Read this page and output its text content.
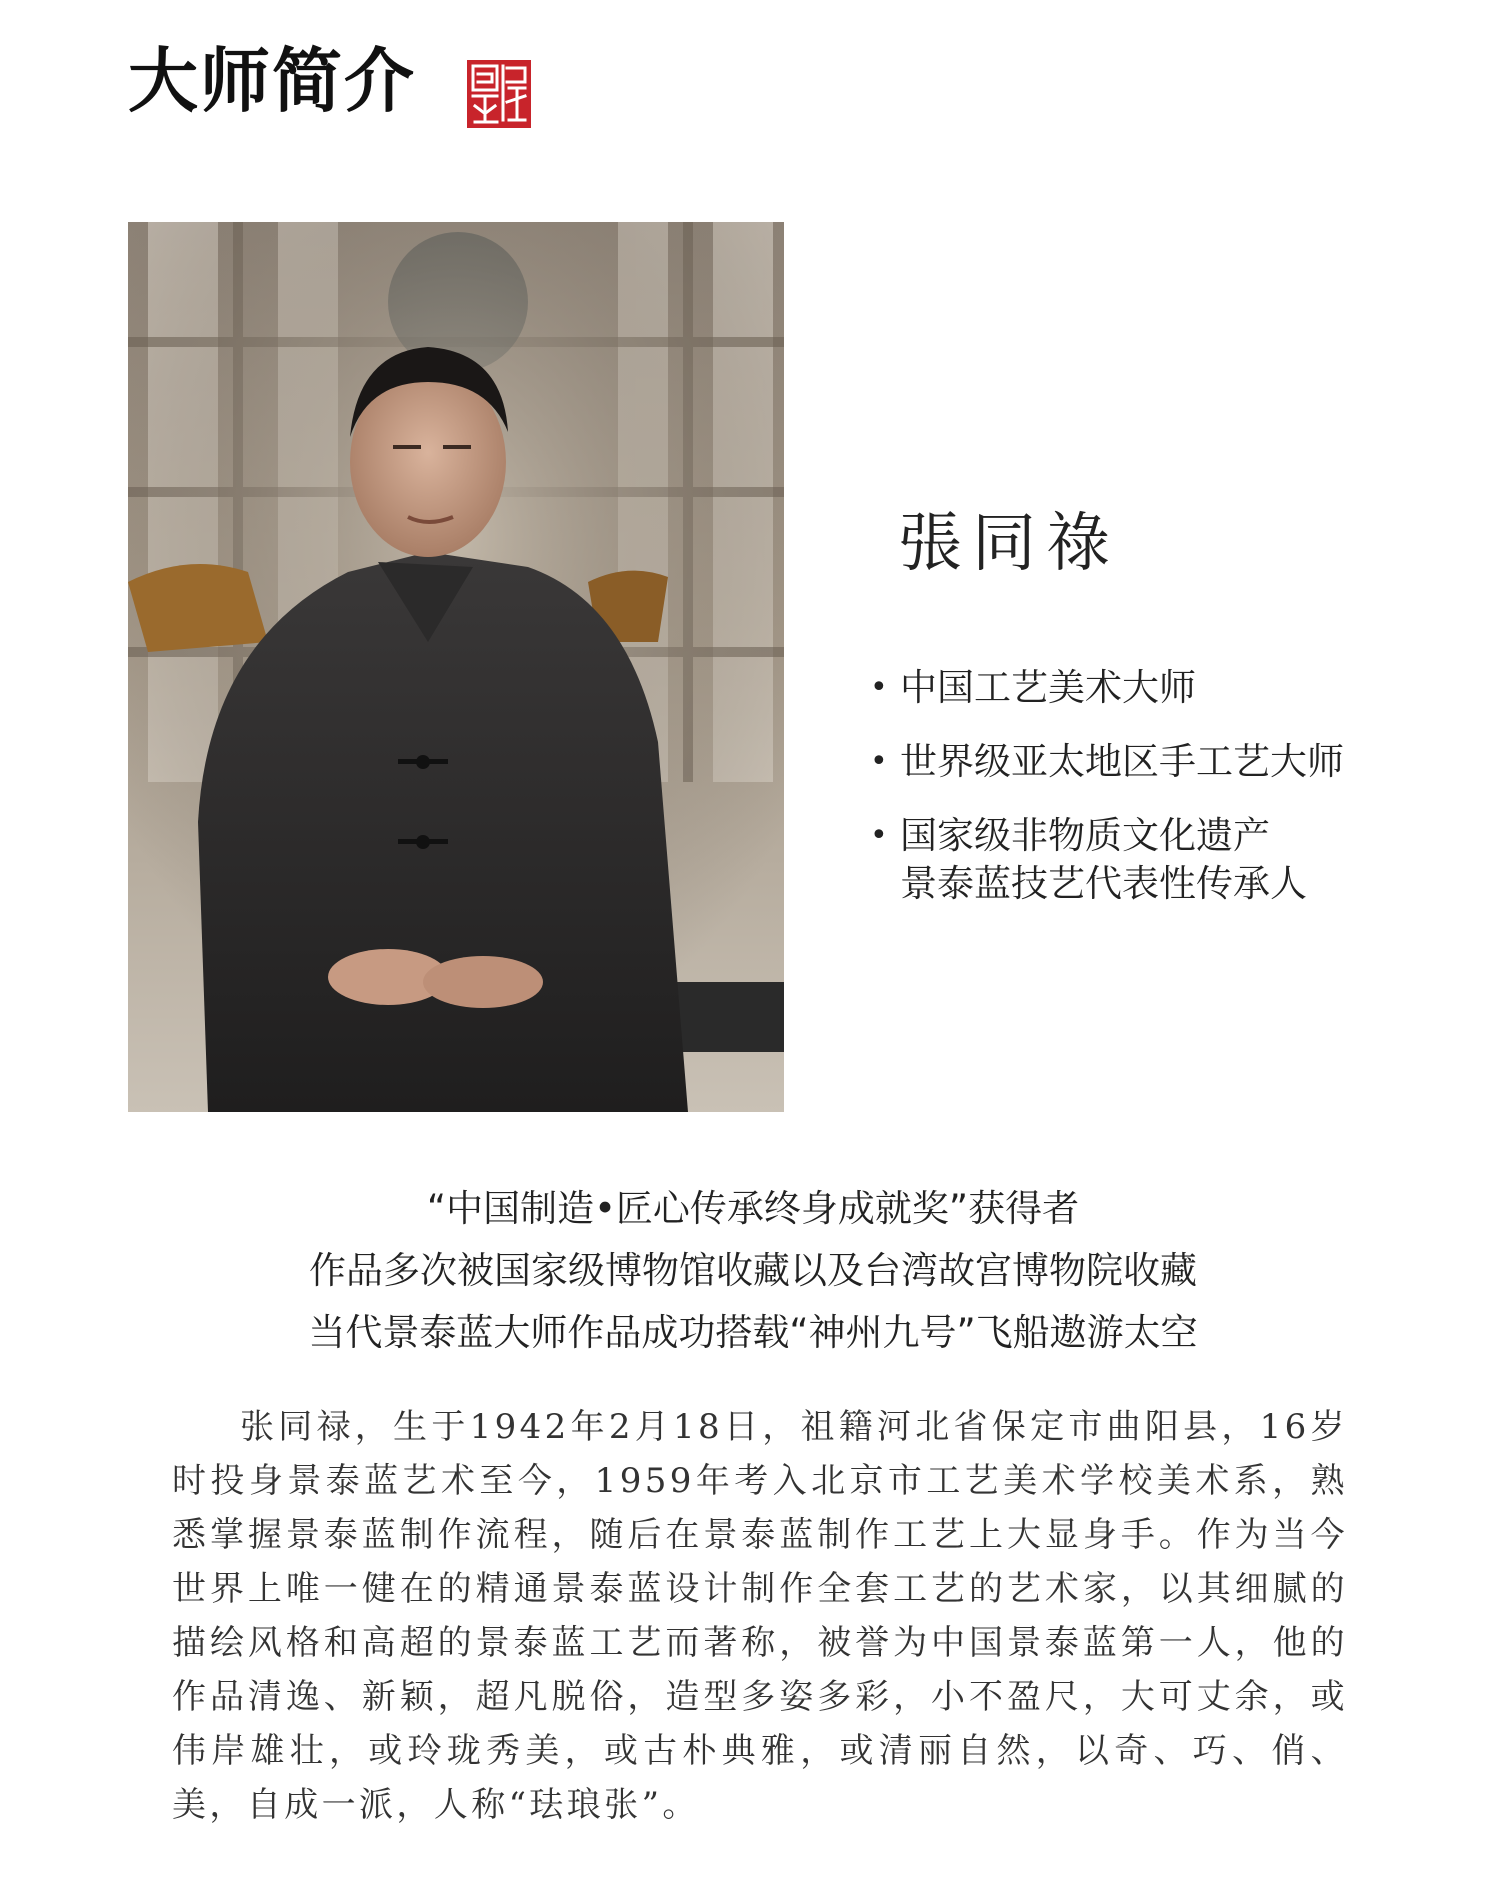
大师简介
張同祿
• 中国工艺美术大师
• 世界级亚太地区手工艺大师
• 国家级非物质文化遗产
景泰蓝技艺代表性传承人
“中国制造•匠心传承终身成就奖”获得者
作品多次被国家级博物馆收藏以及台湾故宫博物院收藏
当代景泰蓝大师作品成功搭载“神州九号”飞船遨游太空

张同禄，生于1942年2月18日，祖籍河北省保定市曲阳县，16岁时投身景泰蓝艺术至今，1959年考入北京市工艺美术学校美术系，熟悉掌握景泰蓝制作流程，随后在景泰蓝制作工艺上大显身手。作为当今世界上唯一健在的精通景泰蓝设计制作全套工艺的艺术家，以其细腻的描绘风格和高超的景泰蓝工艺而著称，被誉为中国景泰蓝第一人，他的作品清逸、新颖，超凡脱俗，造型多姿多彩，小不盈尺，大可丈余，或伟岸雄壮，或玲珑秀美，或古朴典雅，或清丽自然，以奇、巧、俏、美，自成一派，人称“珐琅张”。
